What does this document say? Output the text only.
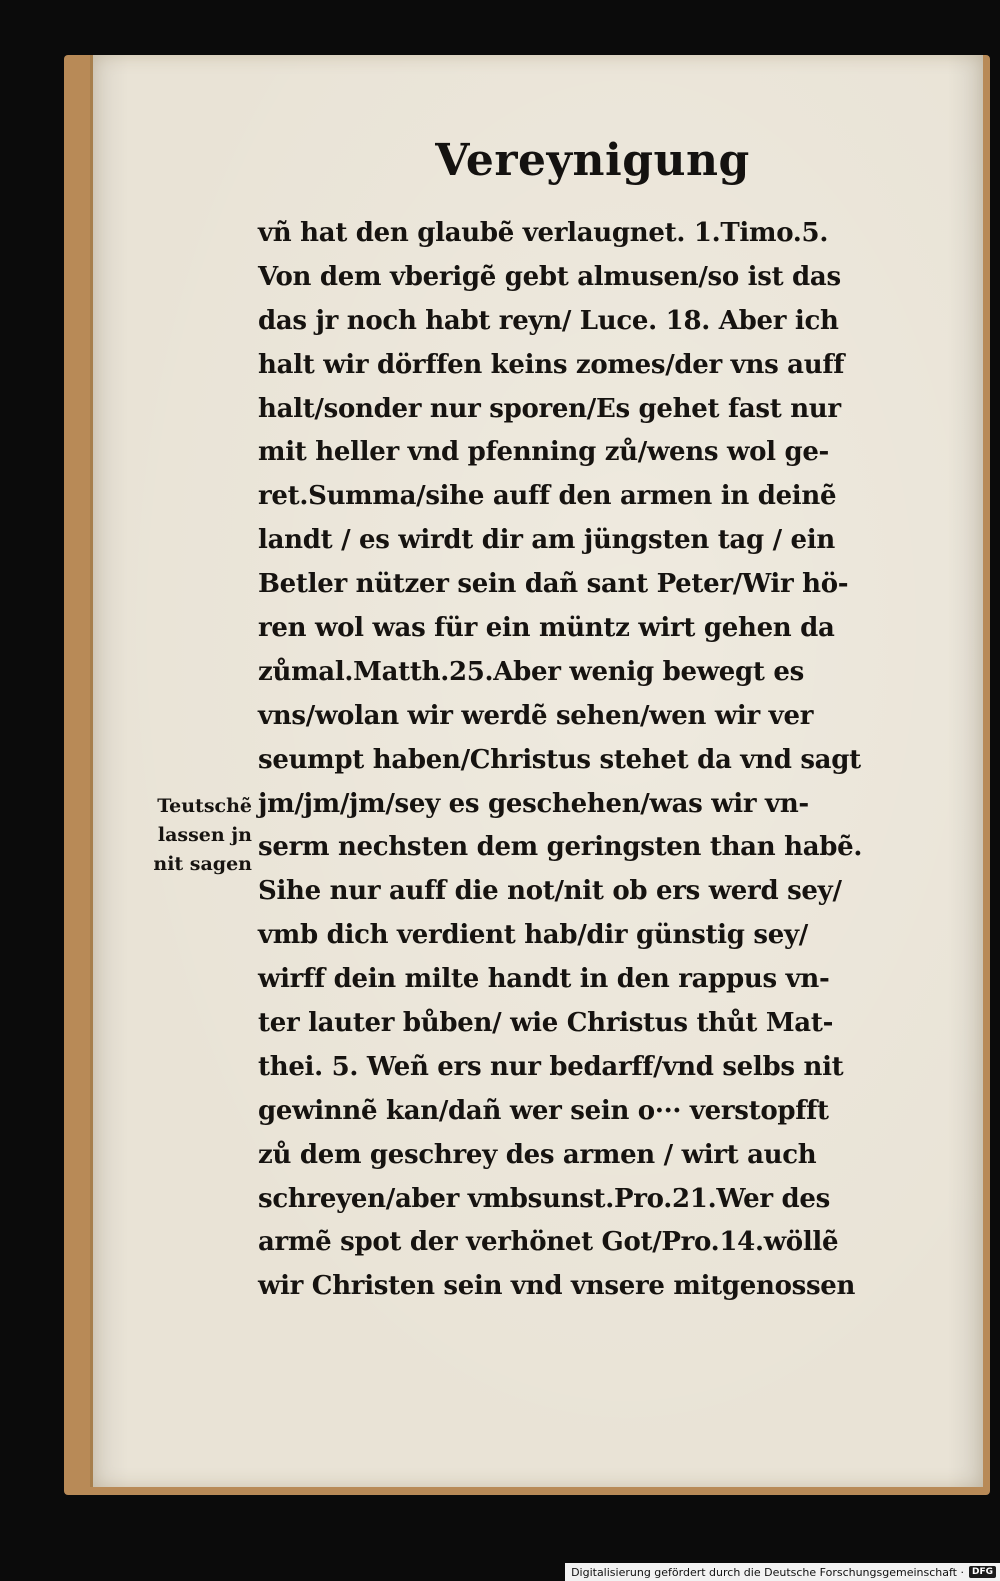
Vereynigung
vñ hat den glaubẽ verlaugnet. 1.Timo.5.
Von dem vberigẽ gebt almusen/so ist das
das jr noch habt reyn/ Luce. 18. Aber ich
halt wir dörffen keins zomes/der vns auff
halt/sonder nur sporen/Es gehet fast nur
mit heller vnd pfenning zů/wens wol ge-
ret.Summa/sihe auff den armen in deinẽ
landt / es wirdt dir am jüngsten tag / ein
Betler nützer sein dañ sant Peter/Wir hö-
ren wol was für ein müntz wirt gehen da
zůmal.Matth.25.Aber wenig bewegt es
vns/wolan wir werdẽ sehen/wen wir ver
seumpt haben/Christus stehet da vnd sagt
jm/jm/jm/sey es geschehen/was wir vn-
serm nechsten dem geringsten than habẽ.
Sihe nur auff die not/nit ob ers werd sey/
vmb dich verdient hab/dir günstig sey/
wirff dein milte handt in den rappus vn-
ter lauter bůben/ wie Christus thůt Mat-
thei. 5. Weñ ers nur bedarff/vnd selbs nit
gewinnẽ kan/dañ wer sein o··· verstopfft
zů dem geschrey des armen / wirt auch
schreyen/aber vmbsunst.Pro.21.Wer des
armẽ spot der verhönet Got/Pro.14.wöllẽ
wir Christen sein vnd vnsere mitgenossen
Teutschẽ
lassen jn
nit sagen
Digitalisierung gefördert durch die Deutsche Forschungsgemeinschaft · DFG
